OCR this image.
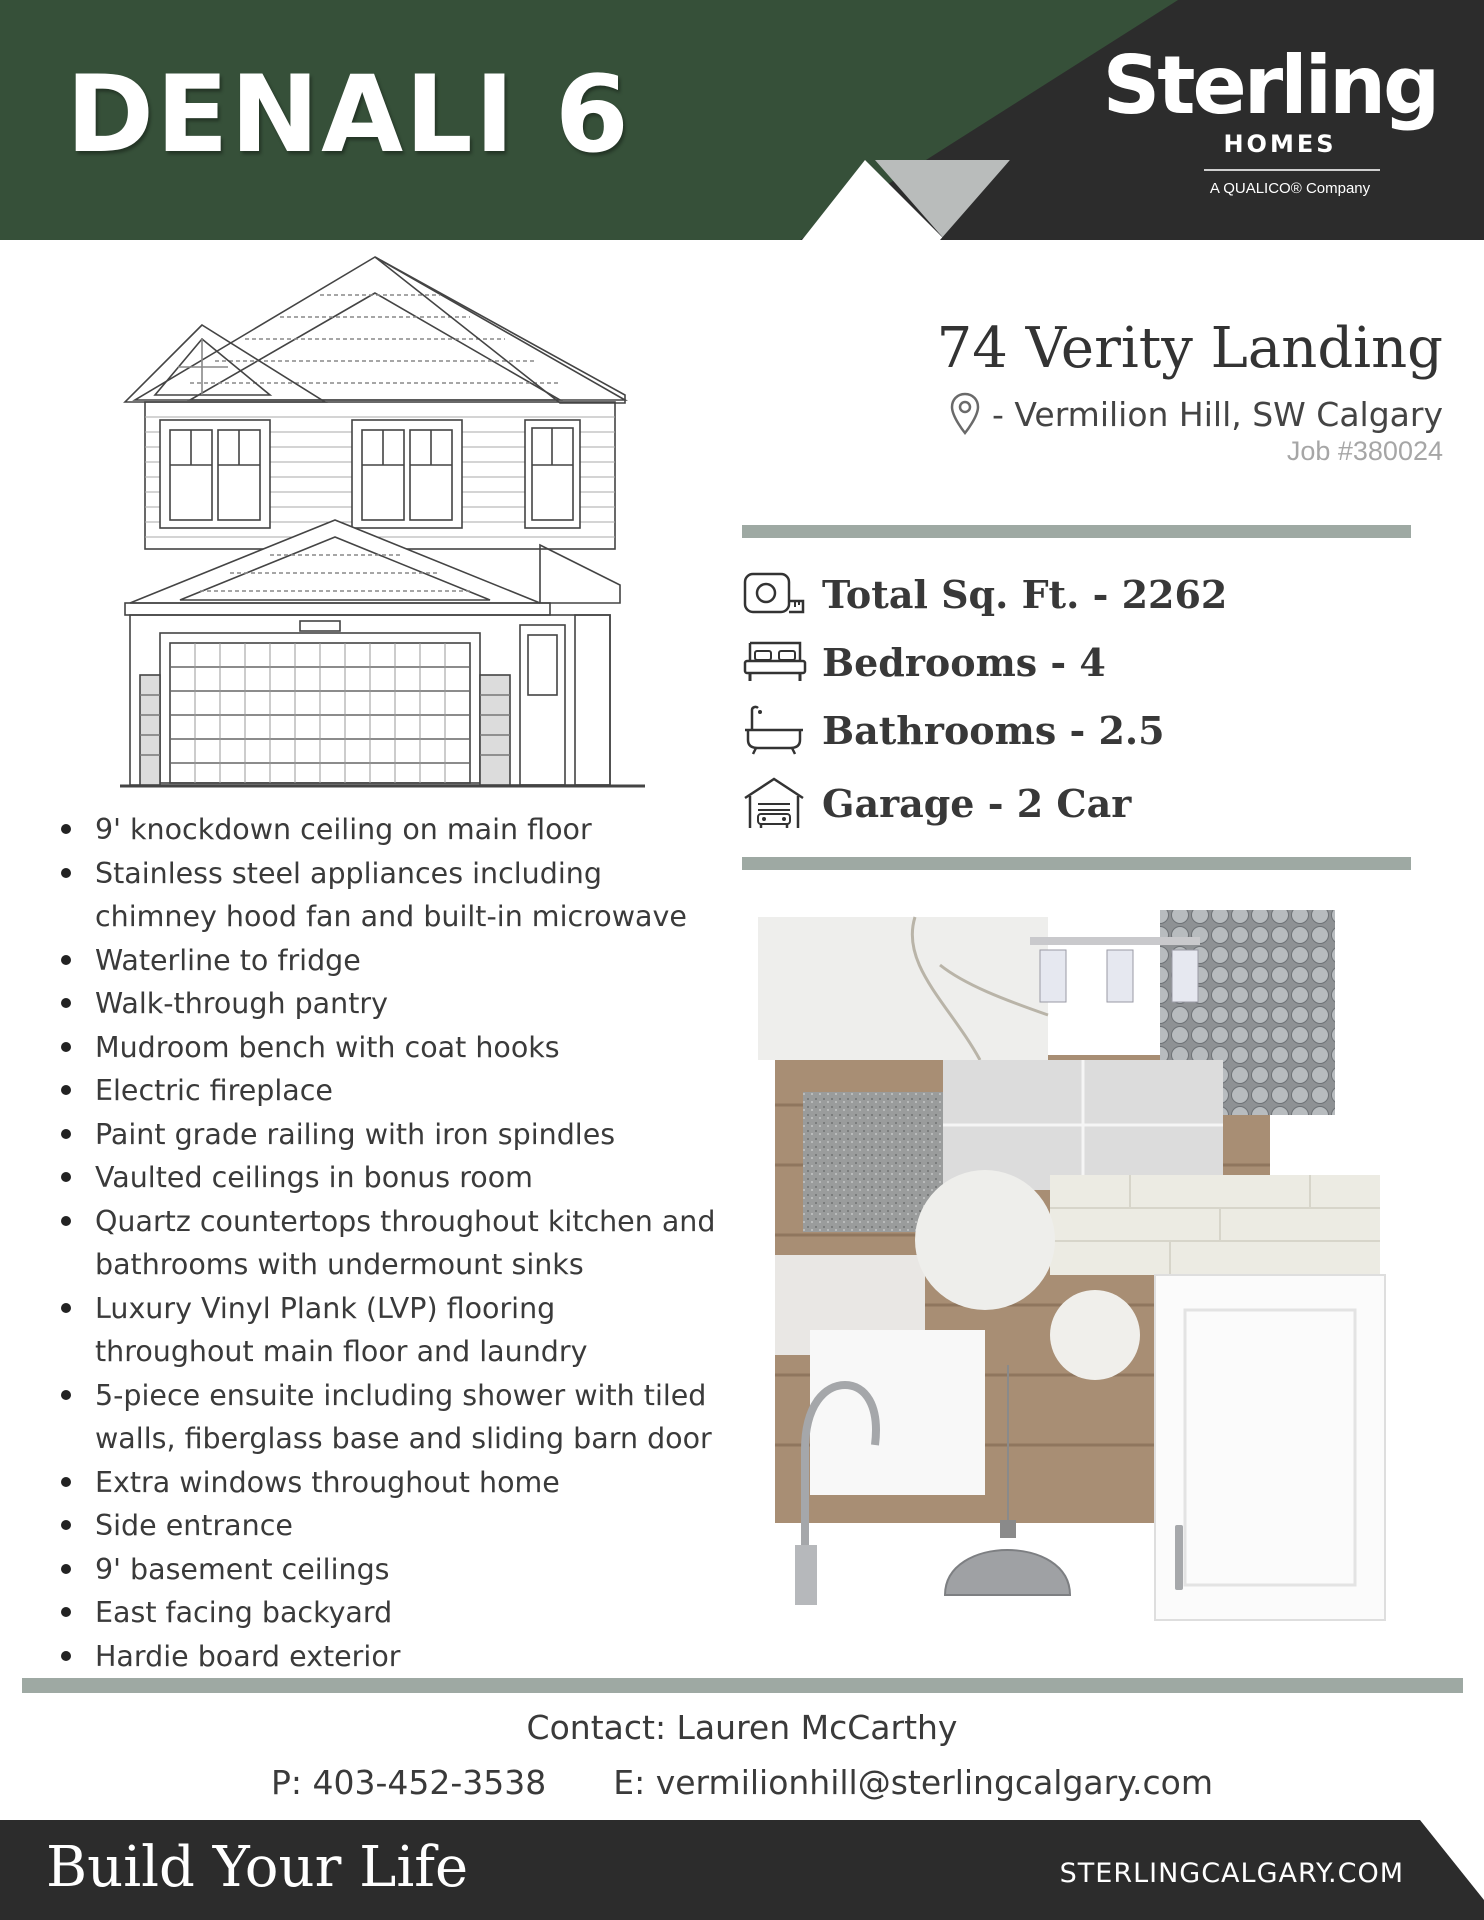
DENALI 6	Sterling
HOMES
A QUALICO® Company
74 Verity Landing
- Vermilion Hill, SW Calgary
Job #380024
Total Sq. Ft. - 2262
Bedrooms - 4
Bathrooms - 2.5
Garage - 2 Car
9' knockdown ceiling on main floor
Stainless steel appliances including chimney hood fan and built-in microwave
Waterline to fridge
Walk-through pantry
Mudroom bench with coat hooks
Electric fireplace
Paint grade railing with iron spindles
Vaulted ceilings in bonus room
Quartz countertops throughout kitchen and bathrooms with undermount sinks
Luxury Vinyl Plank (LVP) flooring throughout main floor and laundry
5-piece ensuite including shower with tiled walls, fiberglass base and sliding barn door
Extra windows throughout home
Side entrance
9' basement ceilings
East facing backyard
Hardie board exterior
Contact: Lauren McCarthy
P: 403-452-3538 E: vermilionhill@sterlingcalgary.com
Build Your Life	STERLINGCALGARY.COM
